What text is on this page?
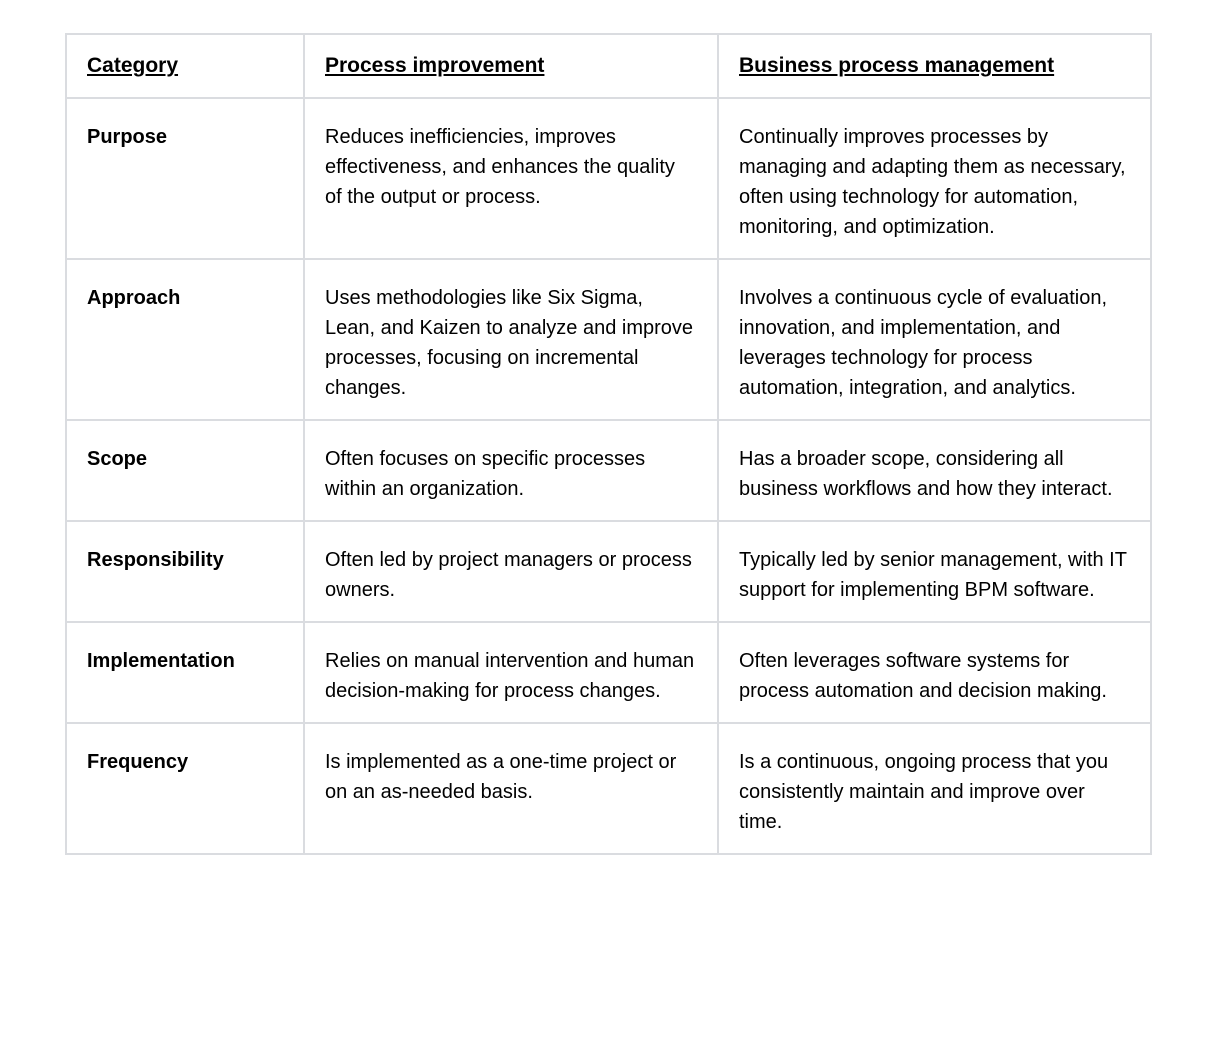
Category	Process improvement	Business process management
Purpose	Reduces inefficiencies, improves effectiveness, and enhances the quality of the output or process.	Continually improves processes by managing and adapting them as necessary, often using technology for automation, monitoring, and optimization.
Approach	Uses methodologies like Six Sigma, Lean, and Kaizen to analyze and improve processes, focusing on incremental changes.	Involves a continuous cycle of evaluation, innovation, and implementation, and leverages technology for process automation, integration, and analytics.
Scope	Often focuses on specific processes within an organization.	Has a broader scope, considering all business workflows and how they interact.
Responsibility	Often led by project managers or process owners.	Typically led by senior management, with IT support for implementing BPM software.
Implementation	Relies on manual intervention and human decision-making for process changes.	Often leverages software systems for process automation and decision making.
Frequency	Is implemented as a one-time project or on an as-needed basis.	Is a continuous, ongoing process that you consistently maintain and improve over time.
